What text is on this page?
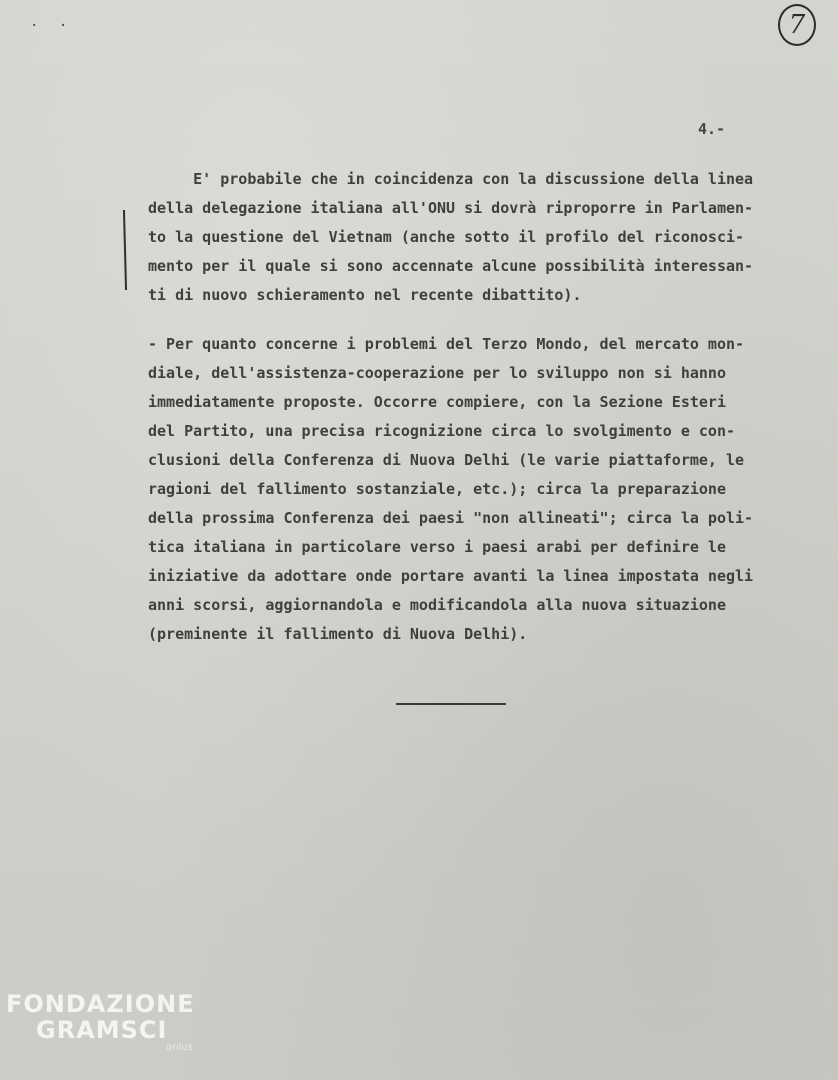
. .	7
4.-

E' probabile che in coincidenza con la discussione della linea
della delegazione italiana all'ONU si dovrà riproporre in Parlamen-
to la questione del Vietnam (anche sotto il profilo del riconosci-
mento per il quale si sono accennate alcune possibilità interessan-
ti di nuovo schieramento nel recente dibattito).

- Per quanto concerne i problemi del Terzo Mondo, del mercato mon-
diale, dell'assistenza-cooperazione per lo sviluppo non si hanno
immediatamente proposte. Occorre compiere, con la Sezione Esteri
del Partito, una precisa ricognizione circa lo svolgimento e con-
clusioni della Conferenza di Nuova Delhi (le varie piattaforme, le
ragioni del fallimento sostanziale, etc.); circa la preparazione
della prossima Conferenza dei paesi "non allineati"; circa la poli-
tica italiana in particolare verso i paesi arabi per definire le
iniziative da adottare onde portare avanti la linea impostata negli
anni scorsi, aggiornandola e modificandola alla nuova situazione
(preminente il fallimento di Nuova Delhi).

FONDAZIONE
GRAMSCI
onlus
